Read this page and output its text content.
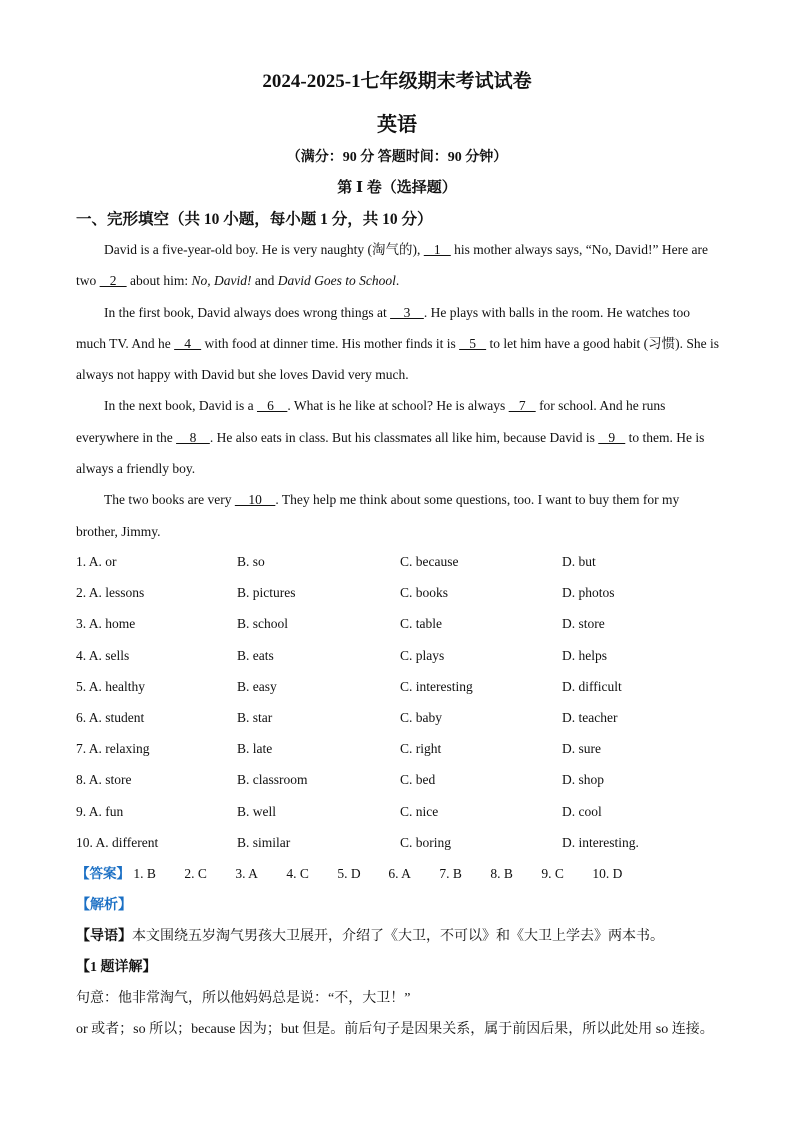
2024-2025-1七年级期末考试试卷
英语
（满分：90 分 答题时间：90 分钟）
第 Ⅰ 卷（选择题）
一、完形填空（共 10 小题，每小题 1 分，共 10 分）

David is a five-year-old boy. He is very naughty (淘气的),    1    his mother always says, “No, David!” Here are two    2    about him: No, David! and David Goes to School.

In the first book, David always does wrong things at     3    . He plays with balls in the room. He watches too much TV. And he    4    with food at dinner time. His mother finds it is    5    to let him have a good habit (习惯). She is always not happy with David but she loves David very much.

In the next book, David is a    6    . What is he like at school? He is always    7    for school. And he runs everywhere in the     8    . He also eats in class. But his classmates all like him, because David is    9    to them. He is always a friendly boy.

The two books are very     10    . They help me think about some questions, too. I want to buy them for my brother, Jimmy.

1. A. or	B. so	C. because	D. but
2. A. lessons	B. pictures	C. books	D. photos
3. A. home	B. school	C. table	D. store
4. A. sells	B. eats	C. plays	D. helps
5. A. healthy	B. easy	C. interesting	D. difficult
6. A. student	B. star	C. baby	D. teacher
7. A. relaxing	B. late	C. right	D. sure
8. A. store	B. classroom	C. bed	D. shop
9. A. fun	B. well	C. nice	D. cool
10. A. different	B. similar	C. boring	D. interesting.
【答案】 1. B 2. C 3. A 4. C 5. D 6. A 7. B 8. B 9. C 10. D
【解析】
【导语】本文围绕五岁淘气男孩大卫展开，介绍了《大卫，不可以》和《大卫上学去》两本书。
【1 题详解】
句意：他非常淘气，所以他妈妈总是说：“不，大卫！”
or 或者；so 所以；because 因为；but 但是。前后句子是因果关系，属于前因后果，所以此处用 so 连接。
